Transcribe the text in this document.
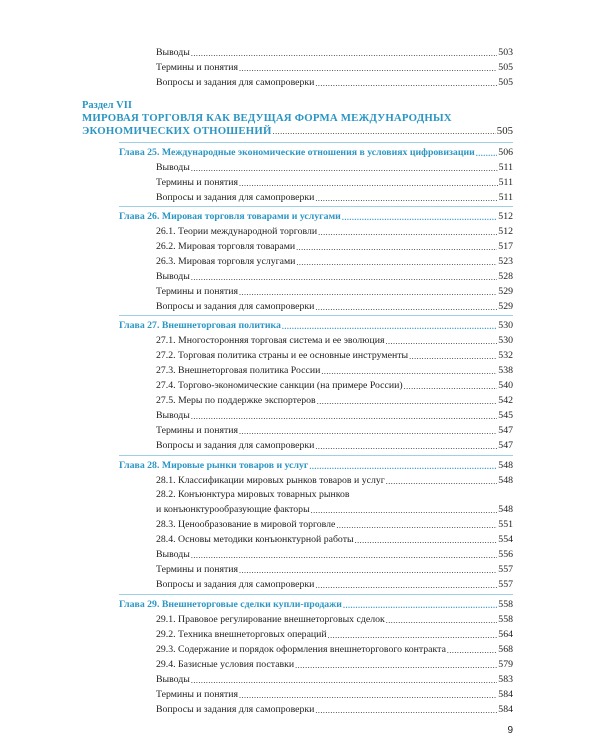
Выводы .....	503
Термины и понятия .....	505
Вопросы и задания для самопроверки .....	505
Раздел VII
МИРОВАЯ ТОРГОВЛЯ КАК ВЕДУЩАЯ ФОРМА МЕЖДУНАРОДНЫХ
ЭКОНОМИЧЕСКИХ ОТНОШЕНИЙ .....	505
Глава 25. Международные экономические отношения в условиях цифровизации ..... 506
Выводы .....	511
Термины и понятия .....	511
Вопросы и задания для самопроверки .....	511
Глава 26. Мировая торговля товарами и услугами .....	512
26.1. Теории международной торговли .....	512
26.2. Мировая торговля товарами .....	517
26.3. Мировая торговля услугами .....	523
Выводы .....	528
Термины и понятия .....	529
Вопросы и задания для самопроверки .....	529
Глава 27. Внешнеторговая политика .....	530
27.1. Многосторонняя торговая система и ее эволюция .....	530
27.2. Торговая политика страны и ее основные инструменты .....	532
27.3. Внешнеторговая политика России .....	538
27.4. Торгово-экономические санкции (на примере России) .....	540
27.5. Меры по поддержке экспортеров .....	542
Выводы .....	545
Термины и понятия .....	547
Вопросы и задания для самопроверки .....	547
Глава 28. Мировые рынки товаров и услуг .....	548
28.1. Классификации мировых рынков товаров и услуг .....	548
28.2. Конъюнктура мировых товарных рынков
и конъюнктурообразующие факторы .....	548
28.3. Ценообразование в мировой торговле .....	551
28.4. Основы методики конъюнктурной работы .....	554
Выводы .....	556
Термины и понятия .....	557
Вопросы и задания для самопроверки .....	557
Глава 29. Внешнеторговые сделки купли-продажи .....	558
29.1. Правовое регулирование внешнеторговых сделок .....	558
29.2. Техника внешнеторговых операций .....	564
29.3. Содержание и порядок оформления внешнеторгового контракта .....	568
29.4. Базисные условия поставки .....	579
Выводы .....	583
Термины и понятия .....	584
Вопросы и задания для самопроверки .....	584
9
